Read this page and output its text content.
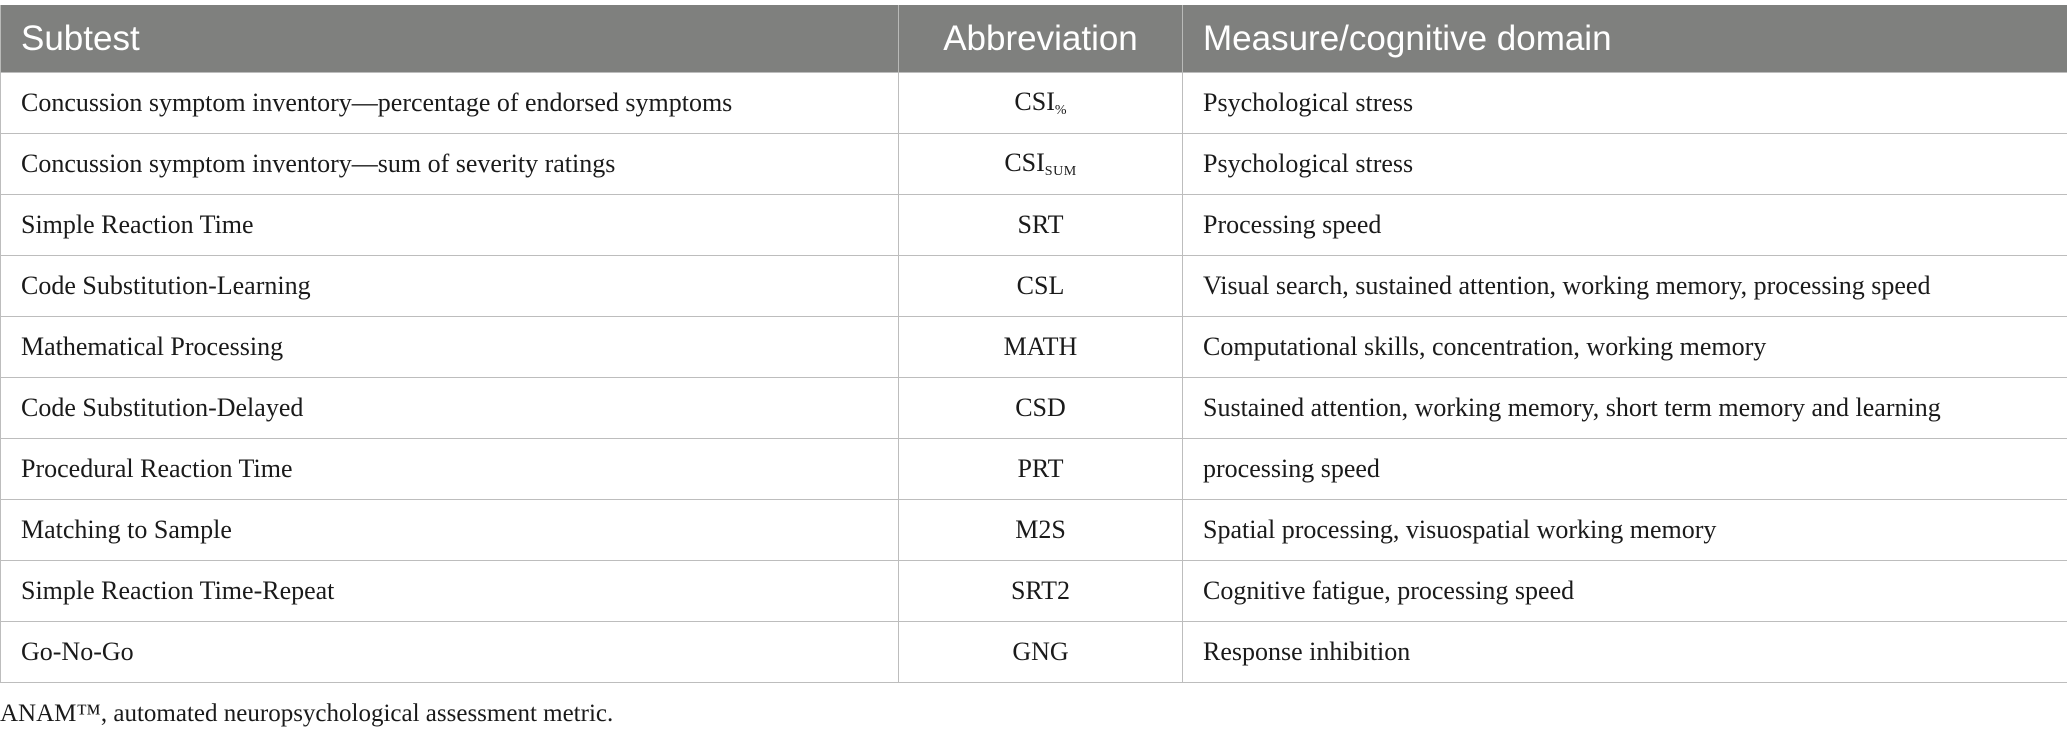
Subtest	Abbreviation	Measure/cognitive domain
Concussion symptom inventory—percentage of endorsed symptoms	$CSI_{\%}$	Psychological stress
Concussion symptom inventory—sum of severity ratings	$CSI_{SUM}$	Psychological stress
Simple Reaction Time	SRT	Processing speed
Code Substitution-Learning	CSL	Visual search, sustained attention, working memory, processing speed
Mathematical Processing	MATH	Computational skills, concentration, working memory
Code Substitution-Delayed	CSD	Sustained attention, working memory, short term memory and learning
Procedural Reaction Time	PRT	processing speed
Matching to Sample	M2S	Spatial processing, visuospatial working memory
Simple Reaction Time-Repeat	SRT2	Cognitive fatigue, processing speed
Go-No-Go	GNG	Response inhibition
ANAM™, automated neuropsychological assessment metric.
